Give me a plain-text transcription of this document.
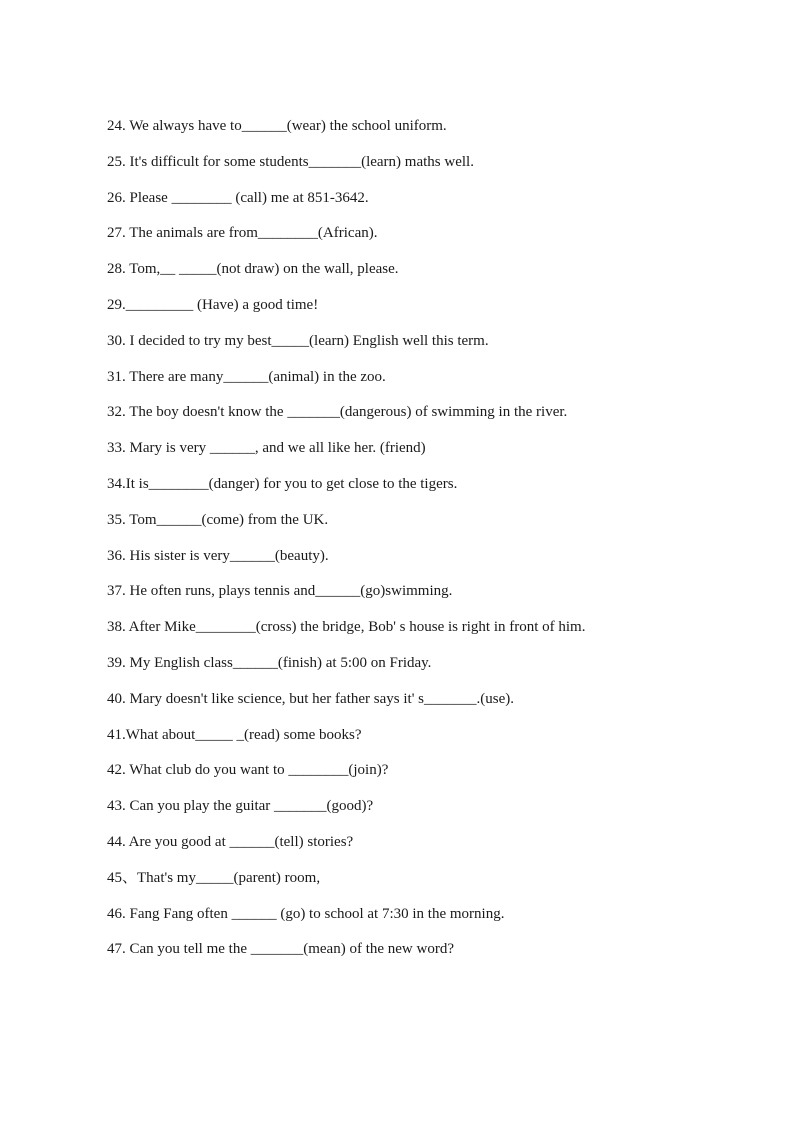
24. We always have to______(wear) the school uniform.
25. It's difficult for some students_______(learn) maths well.
26. Please ________ (call) me at 851-3642.
27. The animals are from________(African).
28. Tom,__ _____(not draw) on the wall, please.
29._________ (Have) a good time!
30. I decided to try my best_____(learn) English well this term.
31. There are many______(animal) in the zoo.
32. The boy doesn't know the _______(dangerous) of swimming in the river.
33. Mary is very ______, and we all like her. (friend)
34.It is________(danger) for you to get close to the tigers.
35. Tom______(come) from the UK.
36. His sister is very______(beauty).
37. He often runs, plays tennis and______(go)swimming.
38. After Mike________(cross) the bridge, Bob' s house is right in front of him.
39. My English class______(finish) at 5:00 on Friday.
40. Mary doesn't like science, but her father says it' s_______.(use).
41.What about_____ _(read) some books?
42. What club do you want to ________(join)?
43. Can you play the guitar _______(good)?
44. Are you good at ______(tell) stories?
45、That's my_____(parent) room,
46. Fang Fang often ______ (go) to school at 7:30 in the morning.
47. Can you tell me the _______(mean) of the new word?
